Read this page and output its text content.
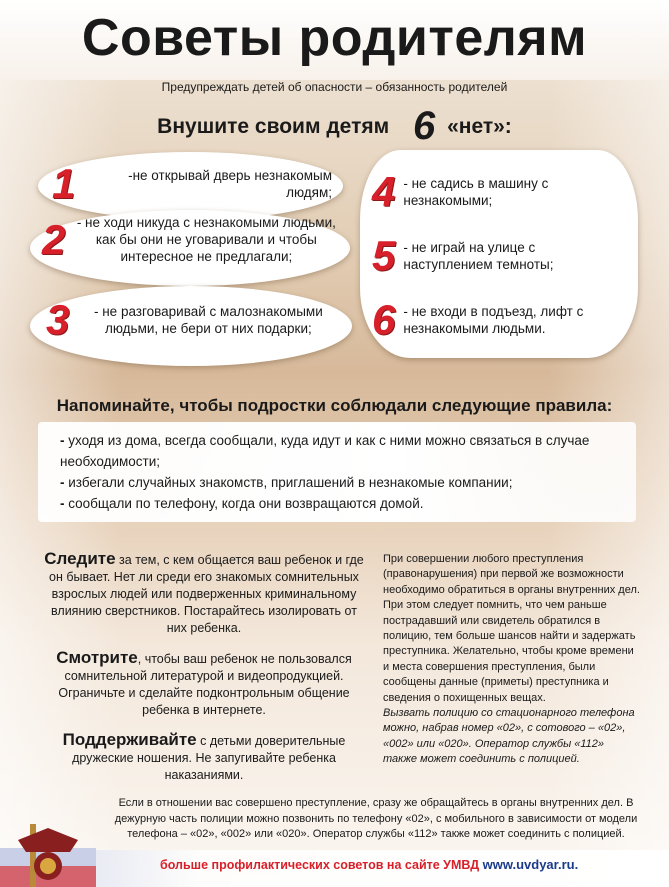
Советы родителям
Предупреждать детей об опасности – обязанность родителей
Внушите своим детям 6 «нет»:
1	-не открывай дверь незнакомым людям;
2 - не ходи никуда с незнакомыми людьми, как бы они не уговаривали и чтобы интересное не предлагали;
3	- не разговаривай с малознакомыми людьми, не бери от них подарки;
4 - не садись в машину с незнакомыми;
5 - не играй на улице с наступлением темноты;
6 - не входи в подъезд, лифт с незнакомыми людьми.
Напоминайте, чтобы подростки соблюдали следующие правила:
- уходя из дома, всегда сообщали, куда идут и как с ними можно связаться в случае необходимости;
- избегали случайных знакомств, приглашений в незнакомые компании;
- сообщали по телефону, когда они возвращаются домой.

Следите за тем, с кем общается ваш ребенок и где он бывает. Нет ли среди его знакомых сомнительных взрослых людей или подверженных криминальному влиянию сверстников. Постарайтесь изолировать от них ребенка.

Смотрите, чтобы ваш ребенок не пользовался сомнительной литературой и видеопродукцией. Ограничьте и сделайте подконтрольным общение ребенка в интернете.

Поддерживайте с детьми доверительные дружеские ношения. Не запугивайте ребенка наказаниями.

При совершении любого преступления (правонарушения) при первой же возможности необходимо обратиться в органы внутренних дел. При этом следует помнить, что чем раньше пострадавший или свидетель обратился в полицию, тем больше шансов найти и задержать преступника. Желательно, чтобы кроме времени и места совершения преступления, были сообщены данные (приметы) преступника и сведения о похищенных вещах.
Вызвать полицию со стационарного телефона можно, набрав номер «02», с сотового – «02», «002» или «020». Оператор службы «112» также может соединить с полицией.
Если в отношении вас совершено преступление, сразу же обращайтесь в органы внутренних дел. В дежурную часть полиции можно позвонить по телефону «02», с мобильного в зависимости от модели телефона – «02», «002» или «020». Оператор службы «112» также может соединить с полицией.
больше профилактических советов на сайте УМВД www.uvdyar.ru.
